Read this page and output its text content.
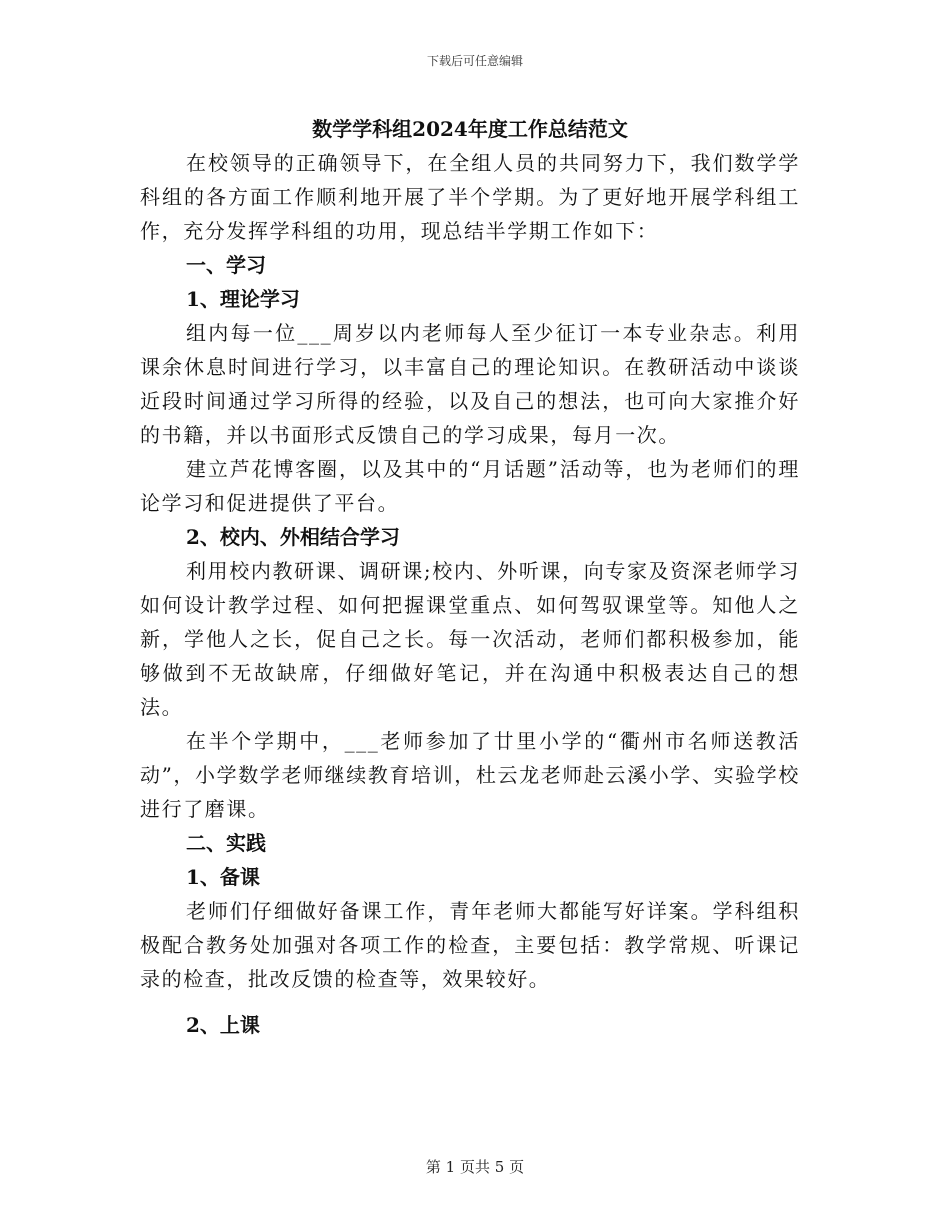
下载后可任意编辑
数学学科组2024年度工作总结范文

在校领导的正确领导下，在全组人员的共同努力下，我们数学学科组的各方面工作顺利地开展了半个学期。为了更好地开展学科组工作，充分发挥学科组的功用，现总结半学期工作如下：

一、学习
1、理论学习

组内每一位___周岁以内老师每人至少征订一本专业杂志。利用课余休息时间进行学习，以丰富自己的理论知识。在教研活动中谈谈近段时间通过学习所得的经验，以及自己的想法，也可向大家推介好的书籍，并以书面形式反馈自己的学习成果，每月一次。

建立芦花博客圈，以及其中的“月话题”活动等，也为老师们的理论学习和促进提供了平台。

2、校内、外相结合学习

利用校内教研课、调研课;校内、外听课，向专家及资深老师学习如何设计教学过程、如何把握课堂重点、如何驾驭课堂等。知他人之新，学他人之长，促自己之长。每一次活动，老师们都积极参加，能够做到不无故缺席，仔细做好笔记，并在沟通中积极表达自己的想法。

在半个学期中，___老师参加了廿里小学的“衢州市名师送教活动”，小学数学老师继续教育培训，杜云龙老师赴云溪小学、实验学校进行了磨课。

二、实践
1、备课

老师们仔细做好备课工作，青年老师大都能写好详案。学科组积极配合教务处加强对各项工作的检查，主要包括：教学常规、听课记录的检查，批改反馈的检查等，效果较好。

2、上课
第 1 页共 5 页
